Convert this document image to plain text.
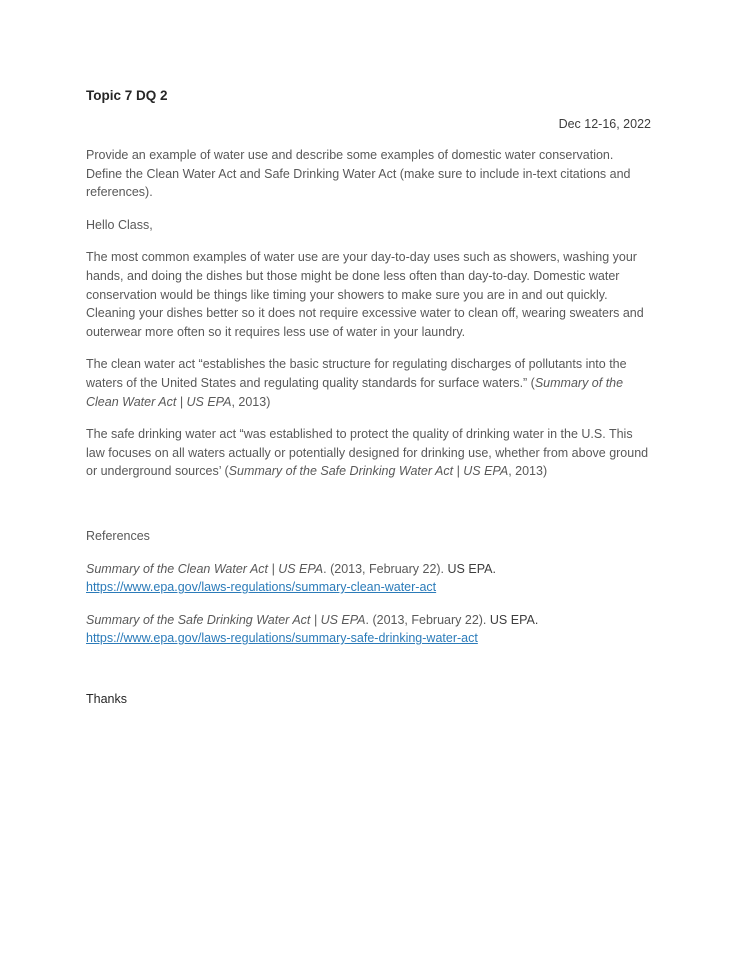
Topic 7 DQ 2
Dec 12-16, 2022

Provide an example of water use and describe some examples of domestic water conservation. Define the Clean Water Act and Safe Drinking Water Act (make sure to include in-text citations and references).

Hello Class,

The most common examples of water use are your day-to-day uses such as showers, washing your hands, and doing the dishes but those might be done less often than day-to-day. Domestic water conservation would be things like timing your showers to make sure you are in and out quickly. Cleaning your dishes better so it does not require excessive water to clean off, wearing sweaters and outerwear more often so it requires less use of water in your laundry.

The clean water act “establishes the basic structure for regulating discharges of pollutants into the waters of the United States and regulating quality standards for surface waters.” (Summary of the Clean Water Act | US EPA, 2013)

The safe drinking water act “was established to protect the quality of drinking water in the U.S. This law focuses on all waters actually or potentially designed for drinking use, whether from above ground or underground sources’ (Summary of the Safe Drinking Water Act | US EPA, 2013)

References

Summary of the Clean Water Act | US EPA. (2013, February 22). US EPA.
https://www.epa.gov/laws-regulations/summary-clean-water-act

Summary of the Safe Drinking Water Act | US EPA. (2013, February 22). US EPA.
https://www.epa.gov/laws-regulations/summary-safe-drinking-water-act

Thanks
